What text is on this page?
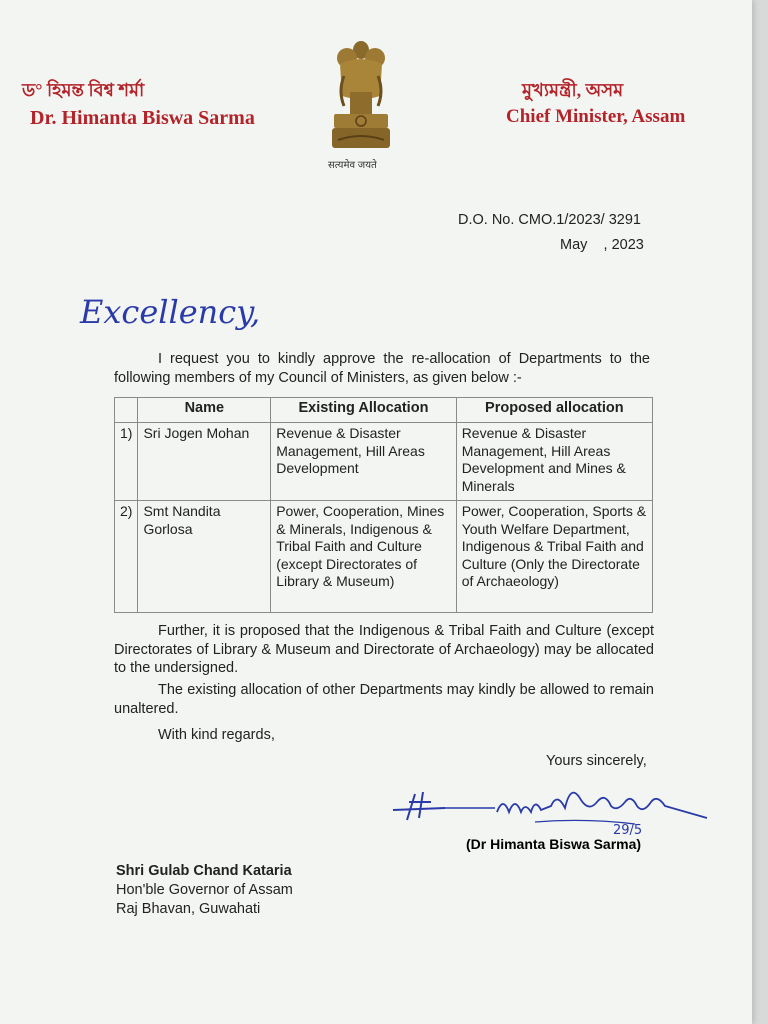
ড° হিমন্ত বিশ্ব শৰ্মা
Dr. Himanta Biswa Sarma
মুখ্যমন্ত্রী, অসম
Chief Minister, Assam
सत्यमेव जयते
D.O. No. CMO.1/2023/ 3291
May    , 2023
Excellency,
I request you to kindly approve the re-allocation of Departments to the following members of my Council of Ministers, as given below :-
	Name	Existing Allocation	Proposed allocation
1)	Sri Jogen Mohan	Revenue & Disaster Management, Hill Areas Development	Revenue & Disaster Management, Hill Areas Development and Mines & Minerals
2)	Smt Nandita Gorlosa	Power, Cooperation, Mines & Minerals, Indigenous & Tribal Faith and Culture (except Directorates of Library & Museum)	Power, Cooperation, Sports & Youth Welfare Department, Indigenous & Tribal Faith and Culture (Only the Directorate of Archaeology)
Further, it is proposed that the Indigenous & Tribal Faith and Culture (except Directorates of Library & Museum and Directorate of Archaeology) may be allocated to the undersigned.
The existing allocation of other Departments may kindly be allowed to remain unaltered.
With kind regards,
Yours sincerely,
29/5
(Dr Himanta Biswa Sarma)
Shri Gulab Chand Kataria
Hon'ble Governor of Assam
Raj Bhavan, Guwahati
